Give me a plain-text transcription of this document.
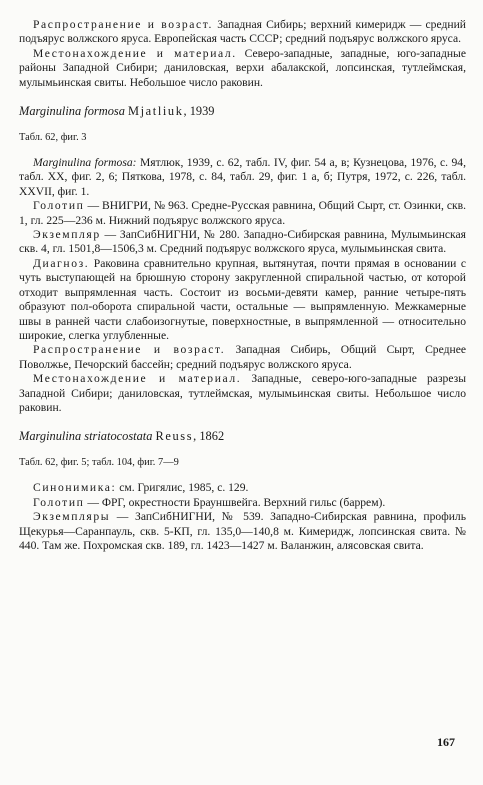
Распространение и возраст. Западная Сибирь; верхний кимеридж — средний подъярус волжского яруса. Европейская часть СССР; средний подъярус волжского яруса.

Местонахождение и материал. Северо-западные, западные, юго-западные районы Западной Сибири; даниловская, верхи абалакской, лопсинская, тутлеймская, мулымьинская свиты. Небольшое число раковин.

Marginulina formosa Mjatliuk, 1939

Табл. 62, фиг. 3

Marginulina formosa: Мятлюк, 1939, с. 62, табл. IV, фиг. 54 а, в; Кузнецова, 1976, с. 94, табл. XX, фиг. 2, 6; Пяткова, 1978, с. 84, табл. 29, фиг. 1 а, б; Путря, 1972, с. 226, табл. XXVII, фиг. 1.

Голотип — ВНИГРИ, № 963. Средне-Русская равнина, Общий Сырт, ст. Озинки, скв. 1, гл. 225—236 м. Нижний подъярус волжского яруса.

Экземпляр — ЗапСибНИГНИ, № 280. Западно-Сибирская равнина, Мулымьинская скв. 4, гл. 1501,8—1506,3 м. Средний подъярус волжского яруса, мулымьинская свита.

Диагноз. Раковина сравнительно крупная, вытянутая, почти прямая в основании с чуть выступающей на брюшную сторону закругленной спиральной частью, от которой отходит выпрямленная часть. Состоит из восьми-девяти камер, ранние четыре-пять образуют пол-оборота спиральной части, остальные — выпрямленную. Межкамерные швы в ранней части слабоизогнутые, поверхностные, в выпрямленной — относительно широкие, слегка углубленные.

Распространение и возраст. Западная Сибирь, Общий Сырт, Среднее Поволжье, Печорский бассейн; средний подъярус волжского яруса.

Местонахождение и материал. Западные, северо-юго-западные разрезы Западной Сибири; даниловская, тутлеймская, мулымьинская свиты. Небольшое число раковин.

Marginulina striatocostata Reuss, 1862

Табл. 62, фиг. 5; табл. 104, фиг. 7—9

Синонимика: см. Григялис, 1985, с. 129.

Голотип — ФРГ, окрестности Брауншвейга. Верхний гильс (баррем).

Экземпляры — ЗапСибНИГНИ, № 539. Западно-Сибирская равнина, профиль Щекурья—Саранпауль, скв. 5-КП, гл. 135,0—140,8 м. Кимеридж, лопсинская свита. № 440. Там же. Похромская скв. 189, гл. 1423—1427 м. Валанжин, алясовская свита.

167
